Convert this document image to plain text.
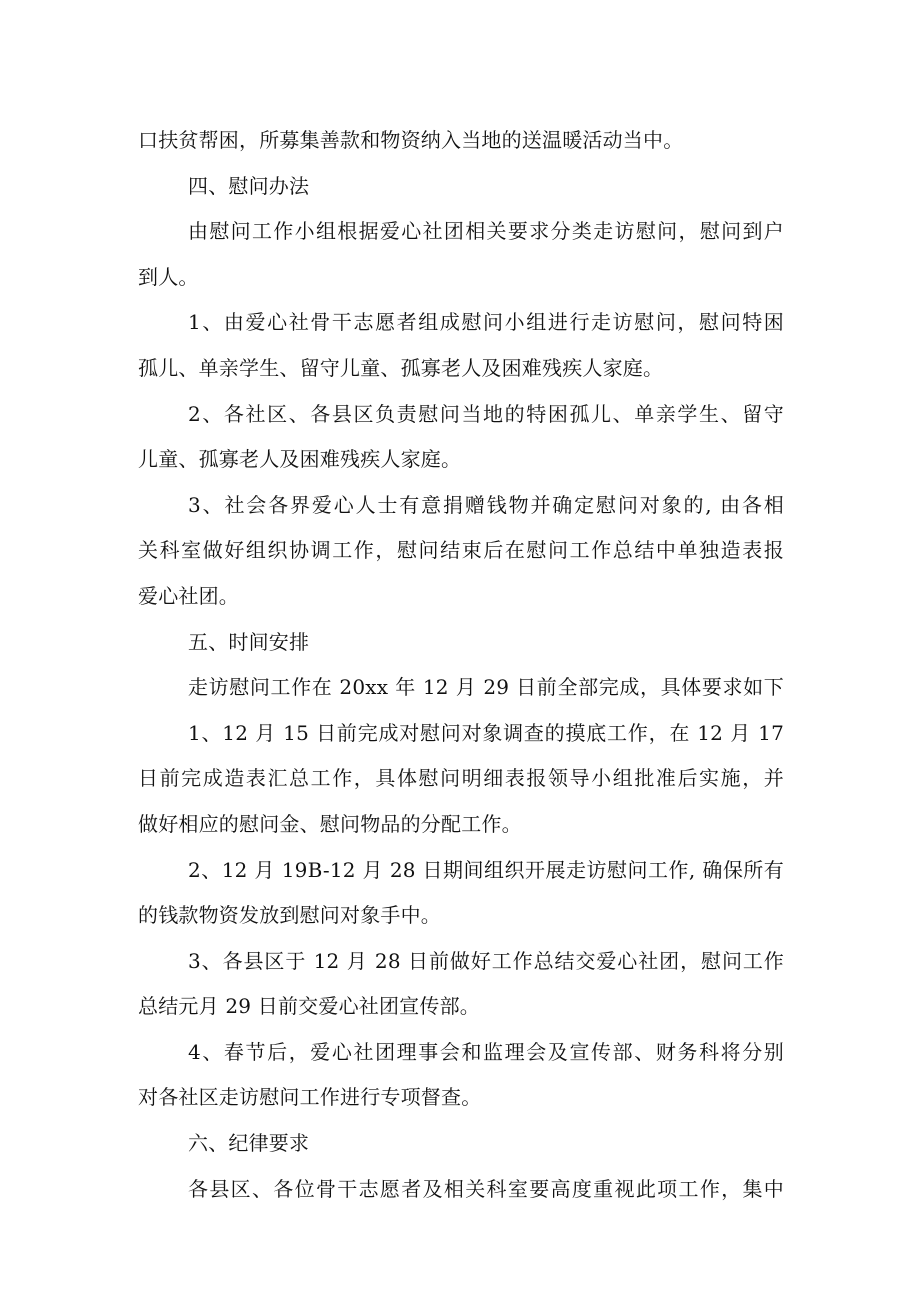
口扶贫帮困，所募集善款和物资纳入当地的送温暖活动当中。

四、慰问办法

由慰问工作小组根据爱心社团相关要求分类走访慰问，慰问到户

到人。

1、由爱心社骨干志愿者组成慰问小组进行走访慰问，慰问特困

孤儿、单亲学生、留守儿童、孤寡老人及困难残疾人家庭。

2、各社区、各县区负责慰问当地的特困孤儿、单亲学生、留守

儿童、孤寡老人及困难残疾人家庭。

3、社会各界爱心人士有意捐赠钱物并确定慰问对象的, 由各相

关科室做好组织协调工作，慰问结束后在慰问工作总结中单独造表报

爱心社团。

五、时间安排

走访慰问工作在 20xx 年 12 月 29 日前全部完成，具体要求如下

1、12 月 15 日前完成对慰问对象调查的摸底工作，在 12 月 17

日前完成造表汇总工作，具体慰问明细表报领导小组批准后实施，并

做好相应的慰问金、慰问物品的分配工作。

2、12 月 19B-12 月 28 日期间组织开展走访慰问工作, 确保所有

的钱款物资发放到慰问对象手中。

3、各县区于 12 月 28 日前做好工作总结交爱心社团，慰问工作

总结元月 29 日前交爱心社团宣传部。

4、春节后，爱心社团理事会和监理会及宣传部、财务科将分别

对各社区走访慰问工作进行专项督查。

六、纪律要求

各县区、各位骨干志愿者及相关科室要高度重视此项工作，集中
